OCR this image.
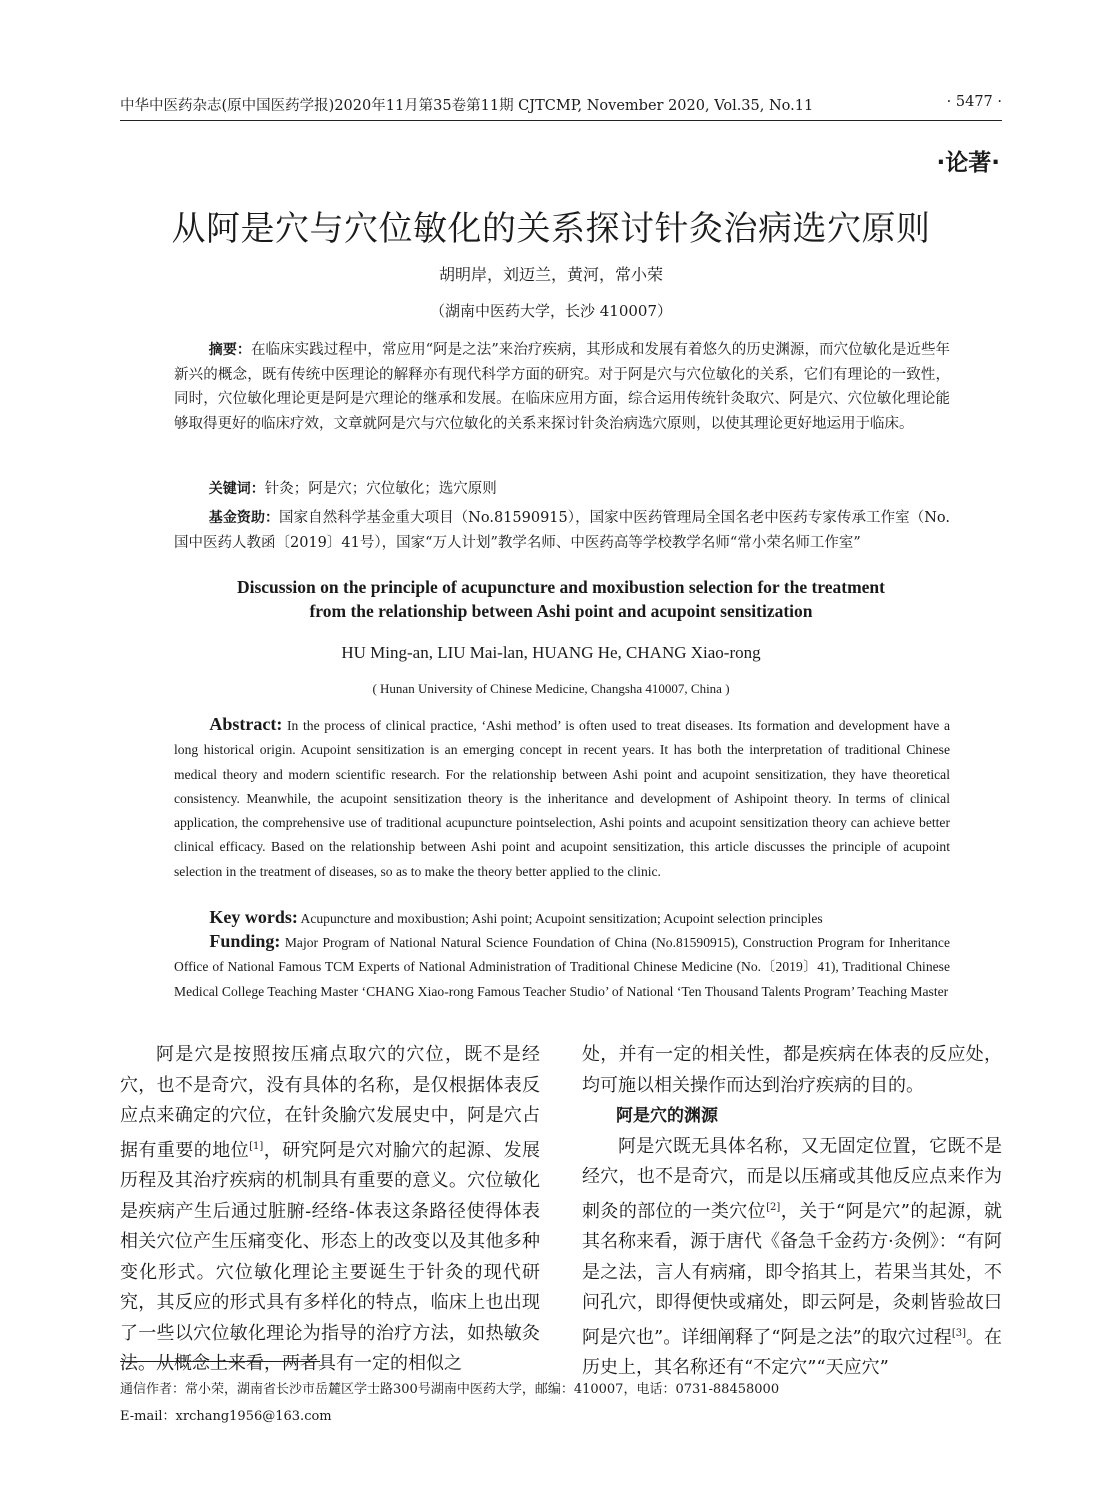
中华中医药杂志(原中国医药学报)2020年11月第35卷第11期 CJTCMP, November 2020, Vol.35, No.11	· 5477 ·
·论著·
从阿是穴与穴位敏化的关系探讨针灸治病选穴原则
胡明岸，刘迈兰，黄河，常小荣
（湖南中医药大学，长沙 410007）
摘要：在临床实践过程中，常应用“阿是之法”来治疗疾病，其形成和发展有着悠久的历史渊源，而穴位敏化是近些年新兴的概念，既有传统中医理论的解释亦有现代科学方面的研究。对于阿是穴与穴位敏化的关系，它们有理论的一致性，同时，穴位敏化理论更是阿是穴理论的继承和发展。在临床应用方面，综合运用传统针灸取穴、阿是穴、穴位敏化理论能够取得更好的临床疗效，文章就阿是穴与穴位敏化的关系来探讨针灸治病选穴原则，以使其理论更好地运用于临床。
关键词：针灸；阿是穴；穴位敏化；选穴原则
基金资助：国家自然科学基金重大项目（No.81590915），国家中医药管理局全国名老中医药专家传承工作室（No.国中医药人教函〔2019〕41号），国家“万人计划”教学名师、中医药高等学校教学名师“常小荣名师工作室”
Discussion on the principle of acupuncture and moxibustion selection for the treatment
from the relationship between Ashi point and acupoint sensitization
HU Ming-an, LIU Mai-lan, HUANG He, CHANG Xiao-rong
( Hunan University of Chinese Medicine, Changsha 410007, China )
Abstract: In the process of clinical practice, ‘Ashi method’ is often used to treat diseases. Its formation and development have a long historical origin. Acupoint sensitization is an emerging concept in recent years. It has both the interpretation of traditional Chinese medical theory and modern scientific research. For the relationship between Ashi point and acupoint sensitization, they have theoretical consistency. Meanwhile, the acupoint sensitization theory is the inheritance and development of Ashipoint theory. In terms of clinical application, the comprehensive use of traditional acupuncture pointselection, Ashi points and acupoint sensitization theory can achieve better clinical efficacy. Based on the relationship between Ashi point and acupoint sensitization, this article discusses the principle of acupoint selection in the treatment of diseases, so as to make the theory better applied to the clinic.
Key words: Acupuncture and moxibustion; Ashi point; Acupoint sensitization; Acupoint selection principles
Funding: Major Program of National Natural Science Foundation of China (No.81590915), Construction Program for Inheritance Office of National Famous TCM Experts of National Administration of Traditional Chinese Medicine (No.〔2019〕41), Traditional Chinese Medical College Teaching Master ‘CHANG Xiao-rong Famous Teacher Studio’ of National ‘Ten Thousand Talents Program’ Teaching Master

阿是穴是按照按压痛点取穴的穴位，既不是经穴，也不是奇穴，没有具体的名称，是仅根据体表反应点来确定的穴位，在针灸腧穴发展史中，阿是穴占据有重要的地位[1]，研究阿是穴对腧穴的起源、发展历程及其治疗疾病的机制具有重要的意义。穴位敏化是疾病产生后通过脏腑-经络-体表这条路径使得体表相关穴位产生压痛变化、形态上的改变以及其他多种变化形式。穴位敏化理论主要诞生于针灸的现代研究，其反应的形式具有多样化的特点，临床上也出现了一些以穴位敏化理论为指导的治疗方法，如热敏灸法。从概念上来看，两者具有一定的相似之

处，并有一定的相关性，都是疾病在体表的反应处，均可施以相关操作而达到治疗疾病的目的。

阿是穴的渊源

阿是穴既无具体名称，又无固定位置，它既不是经穴，也不是奇穴，而是以压痛或其他反应点来作为刺灸的部位的一类穴位[2]，关于“阿是穴”的起源，就其名称来看，源于唐代《备急千金药方·灸例》：“有阿是之法，言人有病痛，即令掐其上，若果当其处，不问孔穴，即得便快或痛处，即云阿是，灸刺皆验故曰阿是穴也”。详细阐释了“阿是之法”的取穴过程[3]。在历史上，其名称还有“不定穴”“天应穴”

通信作者：常小荣，湖南省长沙市岳麓区学士路300号湖南中医药大学，邮编：410007，电话：0731-88458000
E-mail：xrchang1956@163.com
